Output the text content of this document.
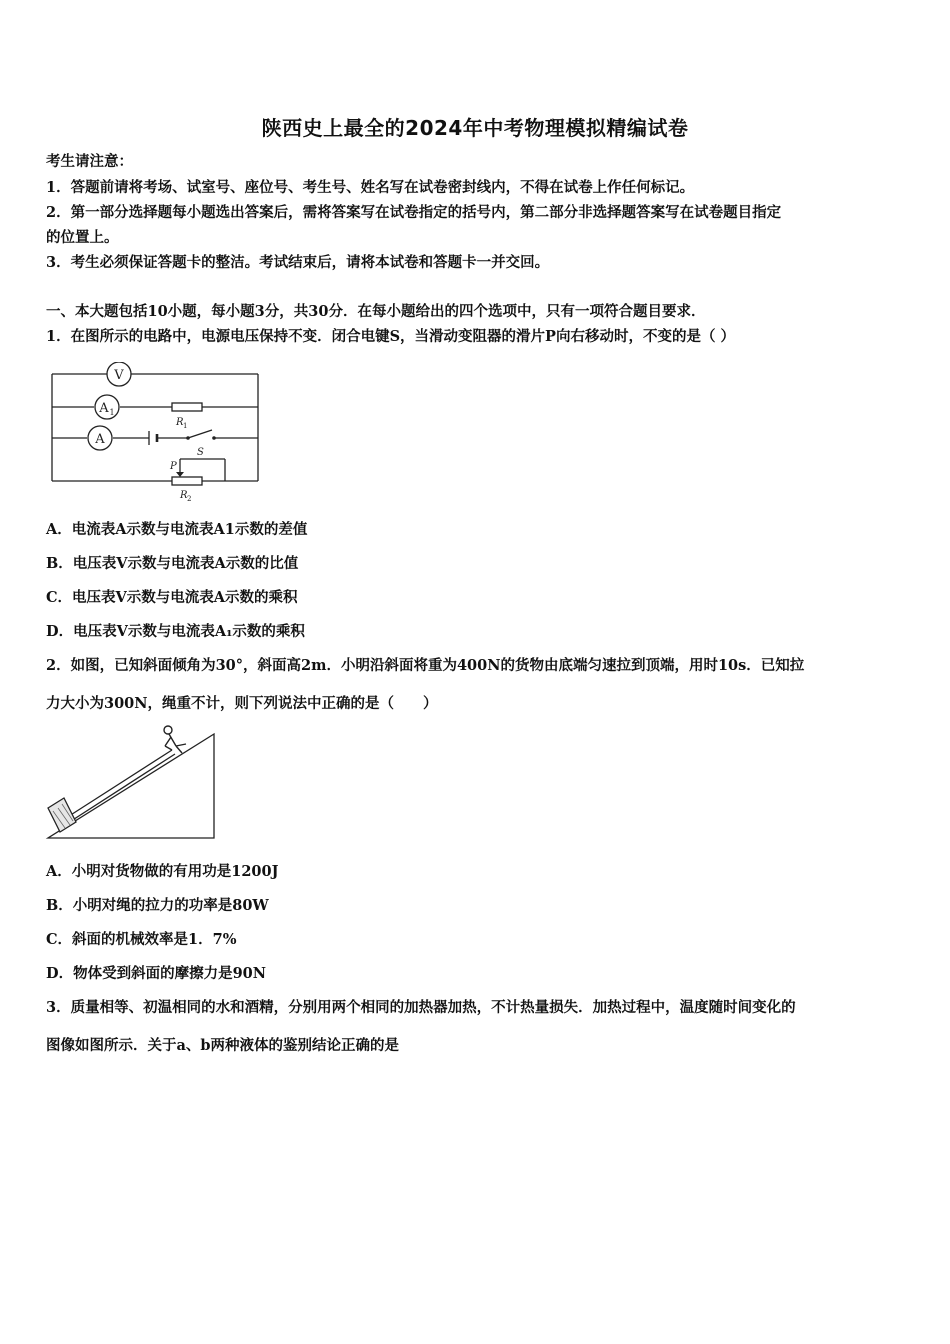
陕西史上最全的2024年中考物理模拟精编试卷
考生请注意：
1．答题前请将考场、试室号、座位号、考生号、姓名写在试卷密封线内，不得在试卷上作任何标记。
2．第一部分选择题每小题选出答案后，需将答案写在试卷指定的括号内，第二部分非选择题答案写在试卷题目指定
的位置上。
3．考生必须保证答题卡的整洁。考试结束后，请将本试卷和答题卡一并交回。
一、本大题包括10小题，每小题3分，共30分．在每小题给出的四个选项中，只有一项符合题目要求．
1．在图所示的电路中，电源电压保持不变．闭合电键S，当滑动变阻器的滑片P向右移动时，不变的是（ ）
V
A 1
A
R 1
S
P
R 2
A．电流表A示数与电流表A1示数的差值
B．电压表V示数与电流表A示数的比值
C．电压表V示数与电流表A示数的乘积
D．电压表V示数与电流表A₁示数的乘积
2．如图，已知斜面倾角为30°，斜面高2m．小明沿斜面将重为400N的货物由底端匀速拉到顶端，用时10s．已知拉
力大小为300N，绳重不计，则下列说法中正确的是（　　）
A．小明对货物做的有用功是1200J
B．小明对绳的拉力的功率是80W
C．斜面的机械效率是1．7%
D．物体受到斜面的摩擦力是90N
3．质量相等、初温相同的水和酒精，分别用两个相同的加热器加热，不计热量损失．加热过程中，温度随时间变化的
图像如图所示．关于a、b两种液体的鉴别结论正确的是
